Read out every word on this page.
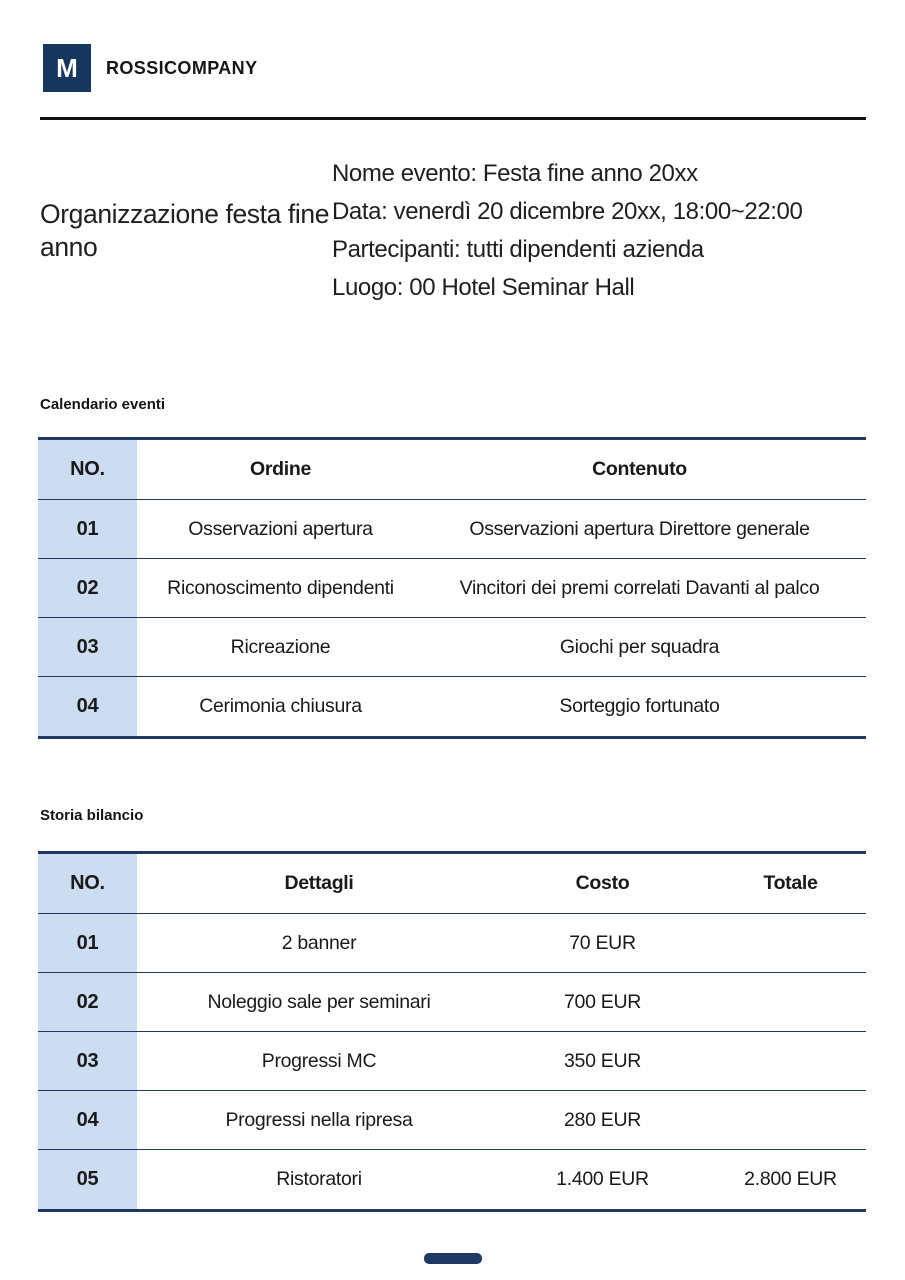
M ROSSICOMPANY
Organizzazione festa fine anno

Nome evento: Festa fine anno 20xx

Data: venerdì 20 dicembre 20xx, 18:00~22:00

Partecipanti: tutti dipendenti azienda

Luogo: 00 Hotel Seminar Hall

Calendario eventi
NO.	Ordine	Contenuto
01	Osservazioni apertura	Osservazioni apertura Direttore generale
02	Riconoscimento dipendenti	Vincitori dei premi correlati Davanti al palco
03	Ricreazione	Giochi per squadra
04	Cerimonia chiusura	Sorteggio fortunato
Storia bilancio
NO.	Dettagli	Costo	Totale
01	2 banner	70 EUR
02	Noleggio sale per seminari	700 EUR
03	Progressi MC	350 EUR
04	Progressi nella ripresa	280 EUR
05	Ristoratori	1.400 EUR	2.800 EUR
